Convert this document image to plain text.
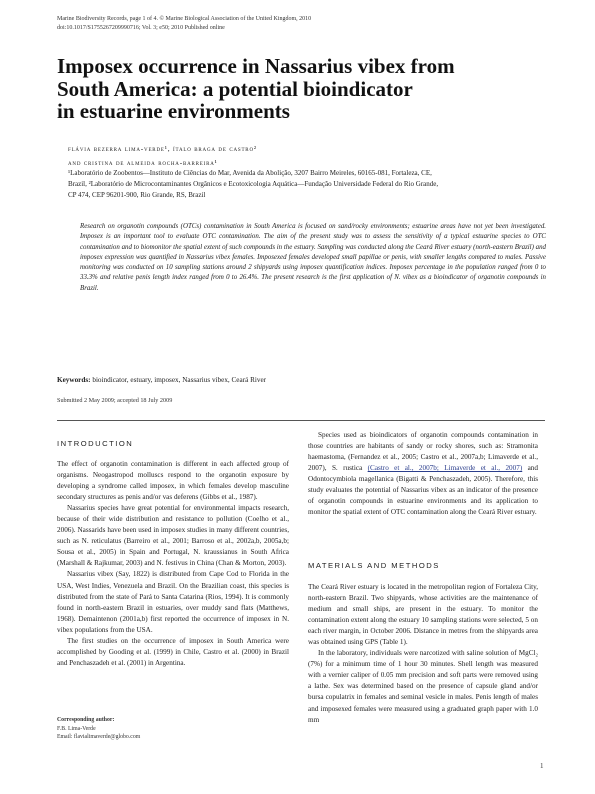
Marine Biodiversity Records, page 1 of 4. © Marine Biological Association of the United Kingdom, 2010
doi:10.1017/S1755267209990716; Vol. 3; e50; 2010 Published online
Imposex occurrence in Nassarius vibex from
South America: a potential bioindicator
in estuarine environments
flávia bezerra lima-verde¹, ítalo braga de castro²
and cristina de almeida rocha-barreira¹
¹Laboratório de Zoobentos—Instituto de Ciências do Mar, Avenida da Abolição, 3207 Bairro Meireles, 60165-081, Fortaleza, CE,
Brazil, ²Laboratório de Microcontaminantes Orgânicos e Ecotoxicologia Aquática—Fundação Universidade Federal do Rio Grande,
CP 474, CEP 96201-900, Rio Grande, RS, Brazil
Research on organotin compounds (OTCs) contamination in South America is focused on sand/rocky environments; estuarine areas have not yet been investigated. Imposex is an important tool to evaluate OTC contamination. The aim of the present study was to assess the sensitivity of a typical estuarine species to OTC contamination and to biomonitor the spatial extent of such compounds in the estuary. Sampling was conducted along the Ceará River estuary (north-eastern Brazil) and imposex expression was quantified in Nassarius vibex females. Imposexed females developed small papillae or penis, with smaller lengths compared to males. Passive monitoring was conducted on 10 sampling stations around 2 shipyards using imposex quantification indices. Imposex percentage in the population ranged from 0 to 33.3% and relative penis length index ranged from 0 to 26.4%. The present research is the first application of N. vibex as a bioindicator of organotin compounds in Brazil.
Keywords: bioindicator, estuary, imposex, Nassarius vibex, Ceará River
Submitted 2 May 2009; accepted 18 July 2009
INTRODUCTION

The effect of organotin contamination is different in each affected group of organisms. Neogastropod molluscs respond to the organotin exposure by developing a syndrome called imposex, in which females develop masculine secondary structures as penis and/or vas deferens (Gibbs et al., 1987).

Nassarius species have great potential for environmental impacts research, because of their wide distribution and resistance to pollution (Coelho et al., 2006). Nassarids have been used in imposex studies in many different countries, such as N. reticulatus (Barreiro et al., 2001; Barroso et al., 2002a,b, 2005a,b; Sousa et al., 2005) in Spain and Portugal, N. kraussianus in South Africa (Marshall & Rajkumar, 2003) and N. festivus in China (Chan & Morton, 2003).

Nassarius vibex (Say, 1822) is distributed from Cape Cod to Florida in the USA, West Indies, Venezuela and Brazil. On the Brazilian coast, this species is distributed from the state of Pará to Santa Catarina (Rios, 1994). It is commonly found in north-eastern Brazil in estuaries, over muddy sand flats (Matthews, 1968). Demaintenon (2001a,b) first reported the occurrence of imposex in N. vibex populations from the USA.

The first studies on the occurrence of imposex in South America were accomplished by Gooding et al. (1999) in Chile, Castro et al. (2000) in Brazil and Penchaszadeh et al. (2001) in Argentina.

Species used as bioindicators of organotin compounds contamination in those countries are habitants of sandy or rocky shores, such as: Stramonita haemastoma, (Fernandez et al., 2005; Castro et al., 2007a,b; Limaverde et al., 2007), S. rustica (Castro et al., 2007b; Limaverde et al., 2007) and Odontocymbiola magellanica (Bigatti & Penchaszadeh, 2005). Therefore, this study evaluates the potential of Nassarius vibex as an indicator of the presence of organotin compounds in estuarine environments and its application to monitor the spatial extent of OTC contamination along the Ceará River estuary.

MATERIALS AND METHODS

The Ceará River estuary is located in the metropolitan region of Fortaleza City, north-eastern Brazil. Two shipyards, whose activities are the maintenance of medium and small ships, are present in the estuary. To monitor the contamination extent along the estuary 10 sampling stations were selected, 5 on each river margin, in October 2006. Distance in metres from the shipyards area was obtained using GPS (Table 1).

In the laboratory, individuals were narcotized with saline solution of MgCl₂ (7%) for a minimum time of 1 hour 30 minutes. Shell length was measured with a vernier caliper of 0.05 mm precision and soft parts were removed using a lathe. Sex was determined based on the presence of capsule gland and/or bursa copulatrix in females and seminal vesicle in males. Penis length of males and imposexed females were measured using a graduated graph paper with 1.0 mm

Corresponding author:
F.B. Lima-Verde
Email: flavialimaverde@globo.com
1
